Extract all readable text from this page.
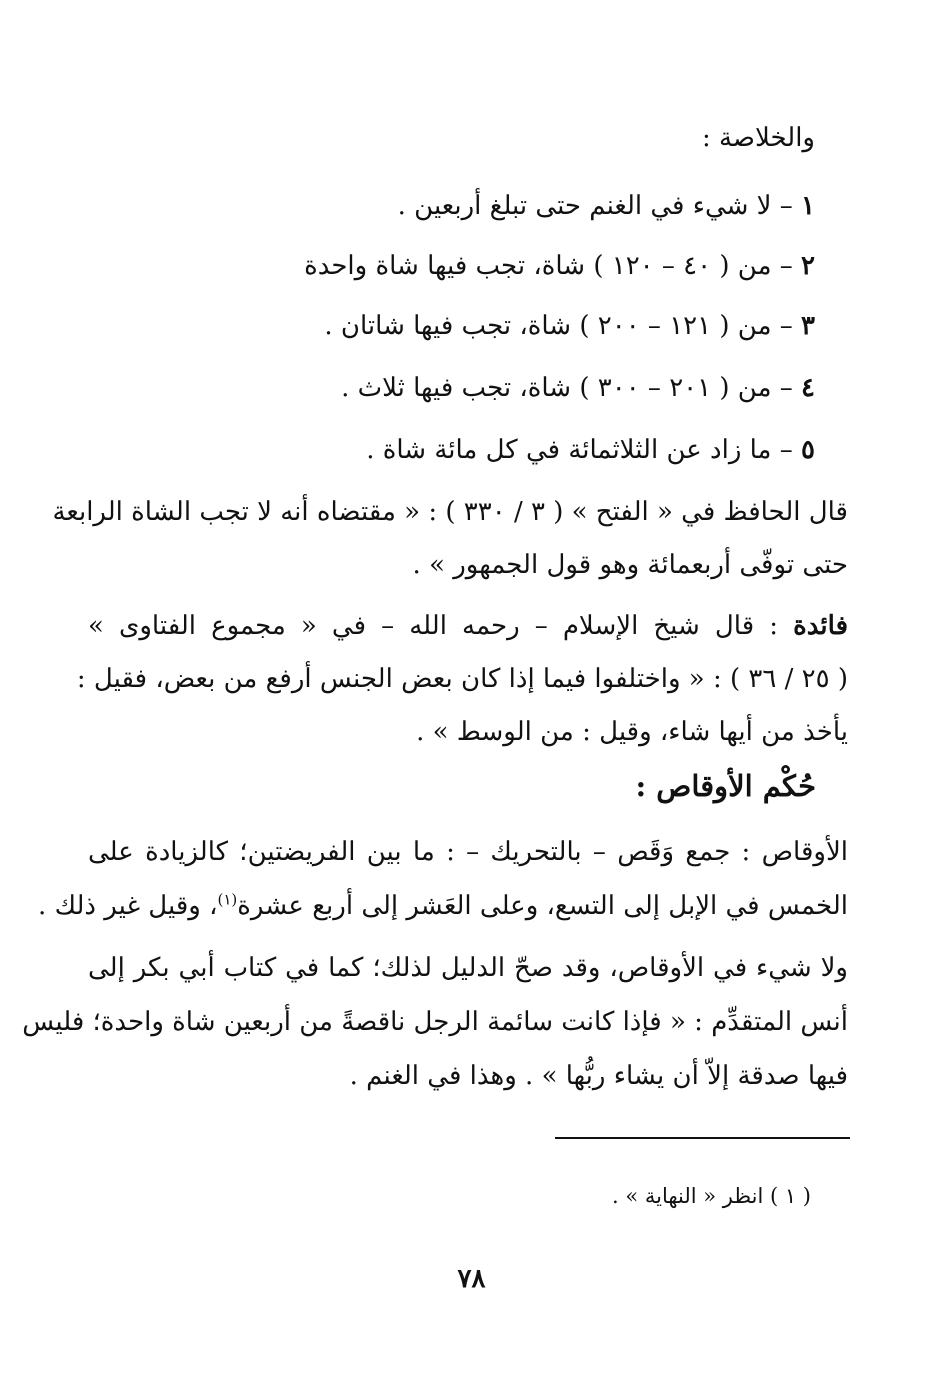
والخلاصة :
١ – لا شيء في الغنم حتى تبلغ أربعين .
٢ – من ( ٤٠ – ١٢٠ ) شاة، تجب فيها شاة واحدة
٣ – من ( ١٢١ – ٢٠٠ ) شاة، تجب فيها شاتان .
٤ – من ( ٢٠١ – ٣٠٠ ) شاة، تجب فيها ثلاث .
٥ – ما زاد عن الثلاثمائة في كل مائة شاة .
قال الحافظ في « الفتح » ( ٣ / ٣٣٠ ) : « مقتضاه أنه لا تجب الشاة الرابعة
حتى توفّى أربعمائة وهو قول الجمهور » .
فائدة : قال شيخ الإسلام – رحمه الله – في « مجموع الفتاوى »
( ٢٥ / ٣٦ ) : « واختلفوا فيما إذا كان بعض الجنس أرفع من بعض، فقيل :
يأخذ من أيها شاء، وقيل : من الوسط » .
حُكْم الأوقاص :
الأوقاص : جمع وَقَص – بالتحريك – : ما بين الفريضتين؛ كالزيادة على
الخمس في الإبل إلى التسع، وعلى العَشر إلى أربع عشرة$^{(١)}$، وقيل غير ذلك .
ولا شيء في الأوقاص، وقد صحّ الدليل لذلك؛ كما في كتاب أبي بكر إلى
أنس المتقدِّم : « فإذا كانت سائمة الرجل ناقصةً من أربعين شاة واحدة؛ فليس
فيها صدقة إلاّ أن يشاء ربُّها » . وهذا في الغنم .
( ١ ) انظر « النهاية » .
٧٨
